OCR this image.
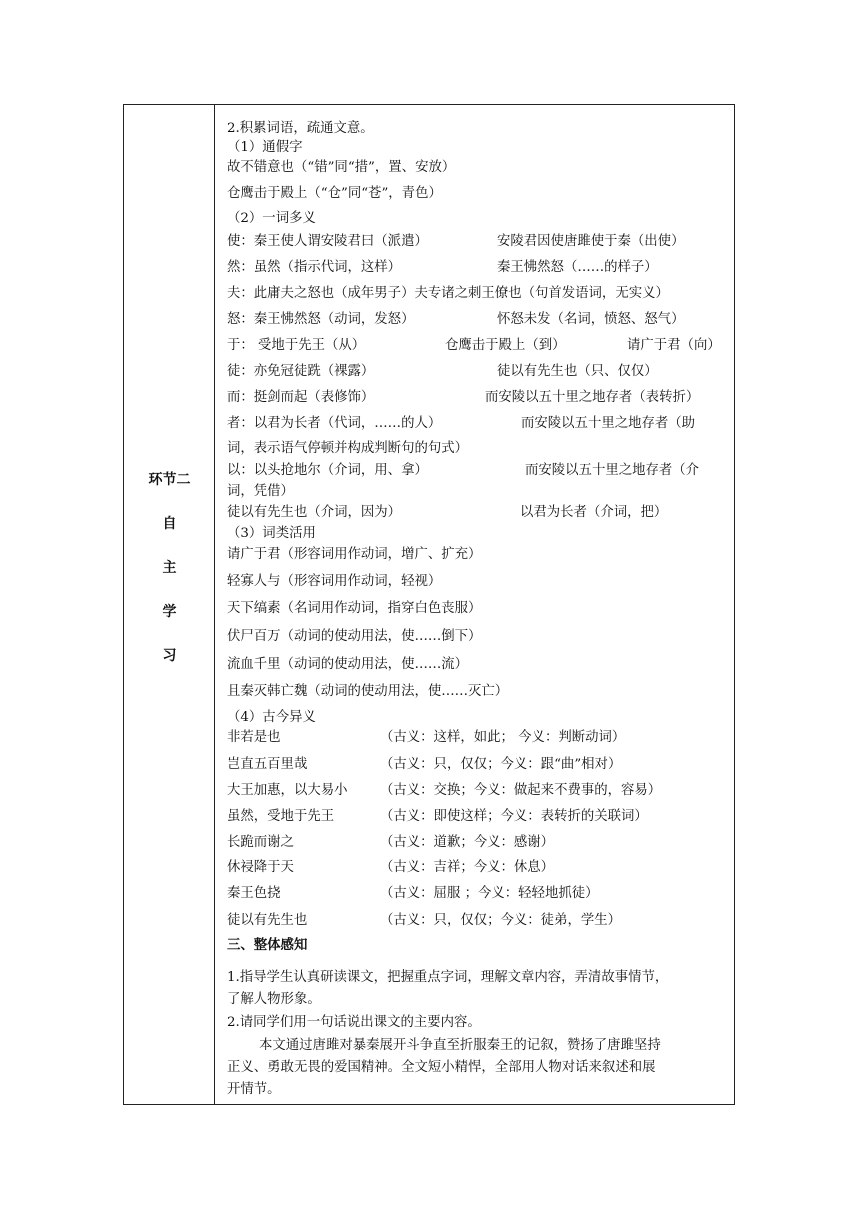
环节二
自
主
学
习
2.积累词语，疏通文意。
（1）通假字
故不错意也（“错”同“措”，置、安放）
仓鹰击于殿上（“仓”同“苍”，青色）
（2）一词多义
使：秦王使人谓安陵君曰（派遣）	安陵君因使唐雎使于秦（出使）
然：虽然（指示代词，这样）	秦王怫然怒（……的样子）
夫：此庸夫之怒也（成年男子）夫专诸之刺王僚也（句首发语词，无实义）
怒：秦王怫然怒（动词，发怒）	怀怒未发（名词，愤怒、怒气）
于： 受地于先王（从）	仓鹰击于殿上（到）	请广于君（向）
徒：亦免冠徒跣（裸露）	徒以有先生也（只、仅仅）
而：挺剑而起（表修饰）	而安陵以五十里之地存者（表转折）
者：以君为长者（代词，……的人）	而安陵以五十里之地存者（助
词，表示语气停顿并构成判断句的句式）
以：以头抢地尔（介词，用、拿）	而安陵以五十里之地存者（介
词，凭借）
徒以有先生也（介词，因为）	以君为长者（介词，把）
（3）词类活用
请广于君（形容词用作动词，增广、扩充）
轻寡人与（形容词用作动词，轻视）
天下缟素（名词用作动词，指穿白色丧服）
伏尸百万（动词的使动用法，使……倒下）
流血千里（动词的使动用法，使……流）
且秦灭韩亡魏（动词的使动用法，使……灭亡）
（4）古今异义
非若是也	（古义：这样，如此； 今义：判断动词）
岂直五百里哉	（古义：只，仅仅；今义：跟“曲”相对）
大王加惠，以大易小 （古义：交换；今义：做起来不费事的，容易）
虽然，受地于先王	（古义：即使这样；今义：表转折的关联词）
长跪而谢之	（古义：道歉；今义：感谢）
休祲降于天	（古义：吉祥；今义：休息）
秦王色挠	（古义：屈服 ；今义：轻轻地抓徒）
徒以有先生也	（古义：只，仅仅；今义：徒弟，学生）
三、整体感知
1.指导学生认真研读课文，把握重点字词，理解文章内容，弄清故事情节，
了解人物形象。
2.请同学们用一句话说出课文的主要内容。
本文通过唐雎对暴秦展开斗争直至折服秦王的记叙，赞扬了唐雎坚持
正义、勇敢无畏的爱国精神。全文短小精悍，全部用人物对话来叙述和展
开情节。
